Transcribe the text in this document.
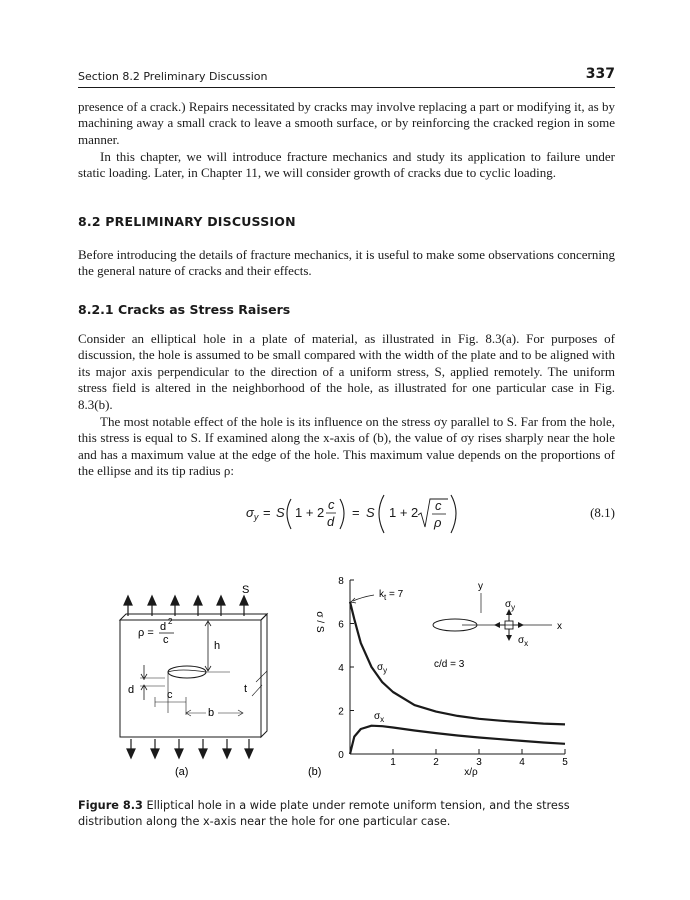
Section 8.2 Preliminary Discussion	337

presence of a crack.) Repairs necessitated by cracks may involve replacing a part or modifying it, as by machining away a small crack to leave a smooth surface, or by reinforcing the cracked region in some manner.

In this chapter, we will introduce fracture mechanics and study its application to failure under static loading. Later, in Chapter 11, we will consider growth of cracks due to cyclic loading.

8.2 PRELIMINARY DISCUSSION

Before introducing the details of fracture mechanics, it is useful to make some observations concerning the general nature of cracks and their effects.

8.2.1 Cracks as Stress Raisers

Consider an elliptical hole in a plate of material, as illustrated in Fig. 8.3(a). For purposes of discussion, the hole is assumed to be small compared with the width of the plate and to be aligned with its major axis perpendicular to the direction of a uniform stress, S, applied remotely. The uniform stress field is altered in the neighborhood of the hole, as illustrated for one particular case in Fig. 8.3(b).

The most notable effect of the hole is its influence on the stress σy parallel to S. Far from the hole, this stress is equal to S. If examined along the x-axis of (b), the value of σy rises sharply near the hole and has a maximum value at the edge of the hole. This maximum value depends on the proportions of the ellipse and its tip radius ρ:

$\sigma_y = S$ 1 + 2
c
d
= S 1 + 2 c
ρ
(8.1)
S
ρ = d 2
c	h
d	c
b
t
(a)	(b)
0
2
4
6
8
1	2	3	4	5
x/ρ
σ / S
$k_t = 7$
c/d = 3
$\sigma_y$
$\sigma_x$
y
x
$\sigma_y$
$\sigma_x$

Figure 8.3 Elliptical hole in a wide plate under remote uniform tension, and the stress distribution along the x-axis near the hole for one particular case.
